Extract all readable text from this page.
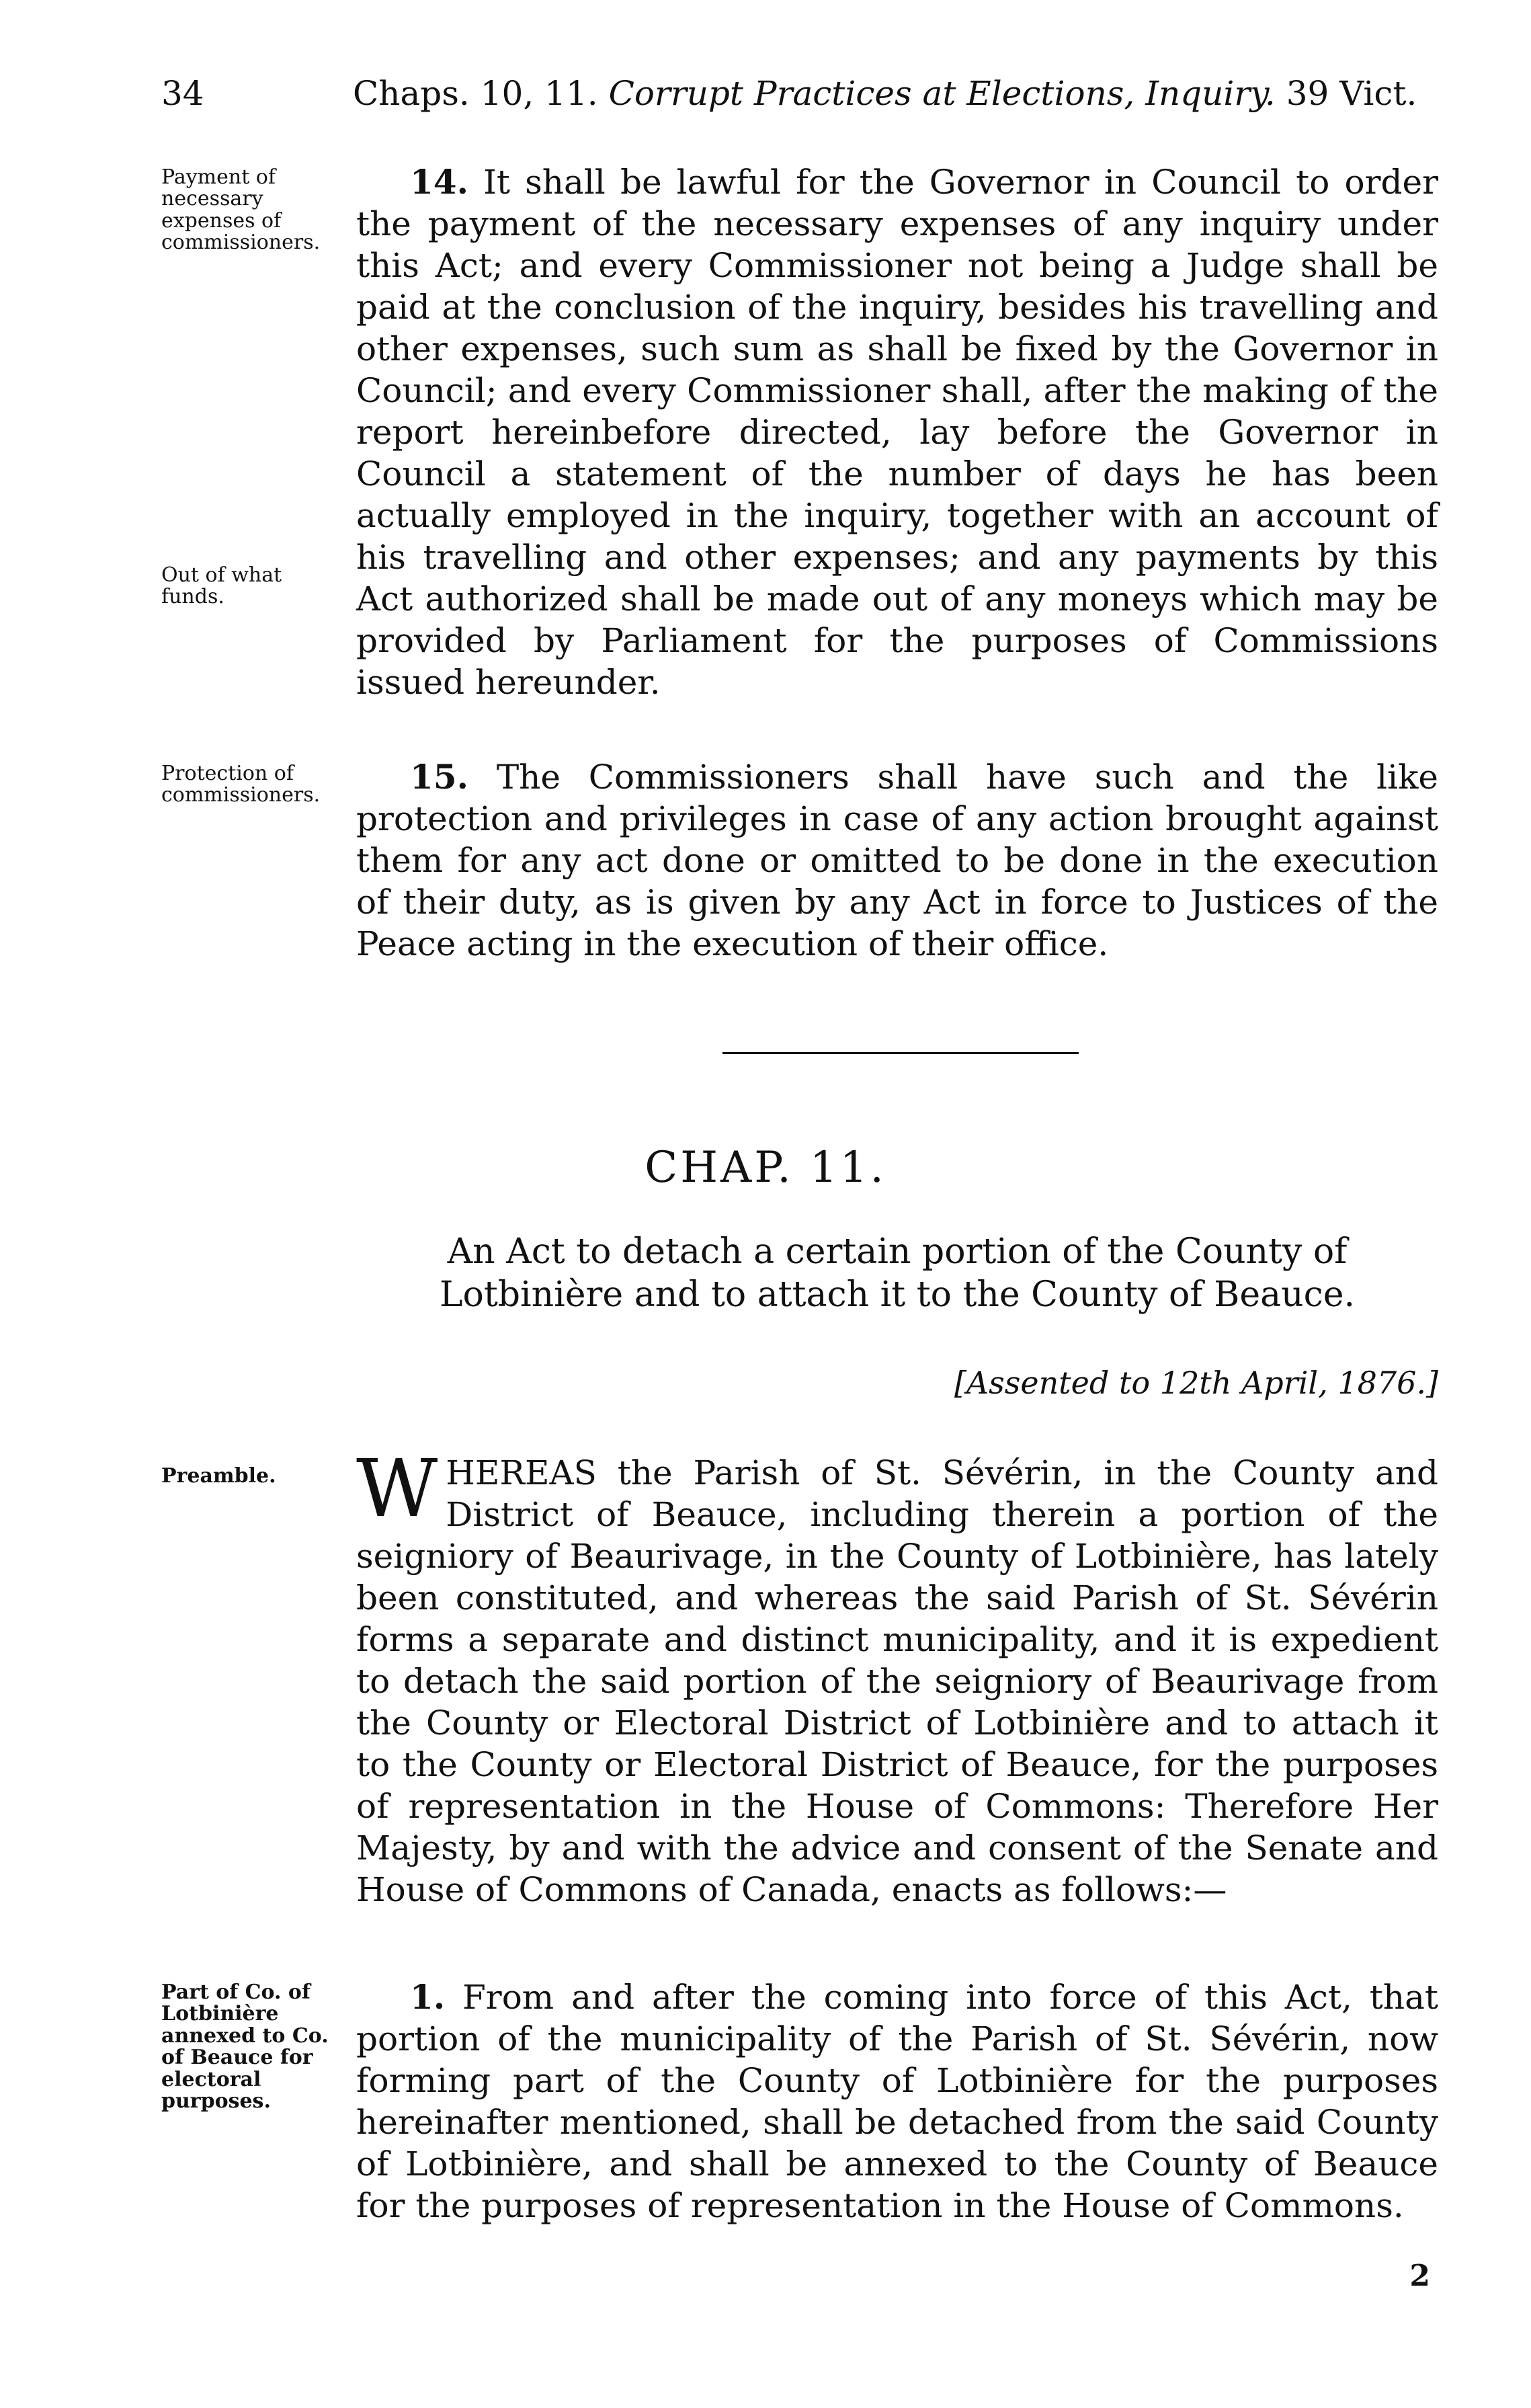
34	Chaps. 10, 11. Corrupt Practices at Elections, Inquiry. 39 Vict.
Payment of necessary expenses of commissioners.
Out of what funds.

14. It shall be lawful for the Governor in Council to order the payment of the necessary expenses of any inquiry under this Act; and every Commissioner not being a Judge shall be paid at the conclusion of the inquiry, besides his travelling and other expenses, such sum as shall be fixed by the Governor in Council; and every Commissioner shall, after the making of the report hereinbefore directed, lay before the Governor in Council a statement of the number of days he has been actually employed in the inquiry, together with an account of his travelling and other expenses; and any payments by this Act authorized shall be made out of any moneys which may be provided by Parliament for the purposes of Commissions issued hereunder.

Protection of commissioners.	15. The Commissioners shall have such and the like protection and privileges in case of any action brought against them for any act done or omitted to be done in the execution of their duty, as is given by any Act in force to Justices of the Peace acting in the execution of their office.

CHAP. 11.
An Act to detach a certain portion of the County of Lotbinière and to attach it to the County of Beauce.
[Assented to 12th April, 1876.]
Preamble.	WHEREAS the Parish of St. Sévérin, in the County and District of Beauce, including therein a portion of the seigniory of Beaurivage, in the County of Lotbinière, has lately been constituted, and whereas the said Parish of St. Sévérin forms a separate and distinct municipality, and it is expedient to detach the said portion of the seigniory of Beaurivage from the County or Electoral District of Lotbinière and to attach it to the County or Electoral District of Beauce, for the purposes of representation in the House of Commons: Therefore Her Majesty, by and with the advice and consent of the Senate and House of Commons of Canada, enacts as follows:—

Part of Co. of Lotbinière annexed to Co. of Beauce for electoral purposes.

1. From and after the coming into force of this Act, that portion of the municipality of the Parish of St. Sévérin, now forming part of the County of Lotbinière for the purposes hereinafter mentioned, shall be detached from the said County of Lotbinière, and shall be annexed to the County of Beauce for the purposes of representation in the House of Commons.

2
